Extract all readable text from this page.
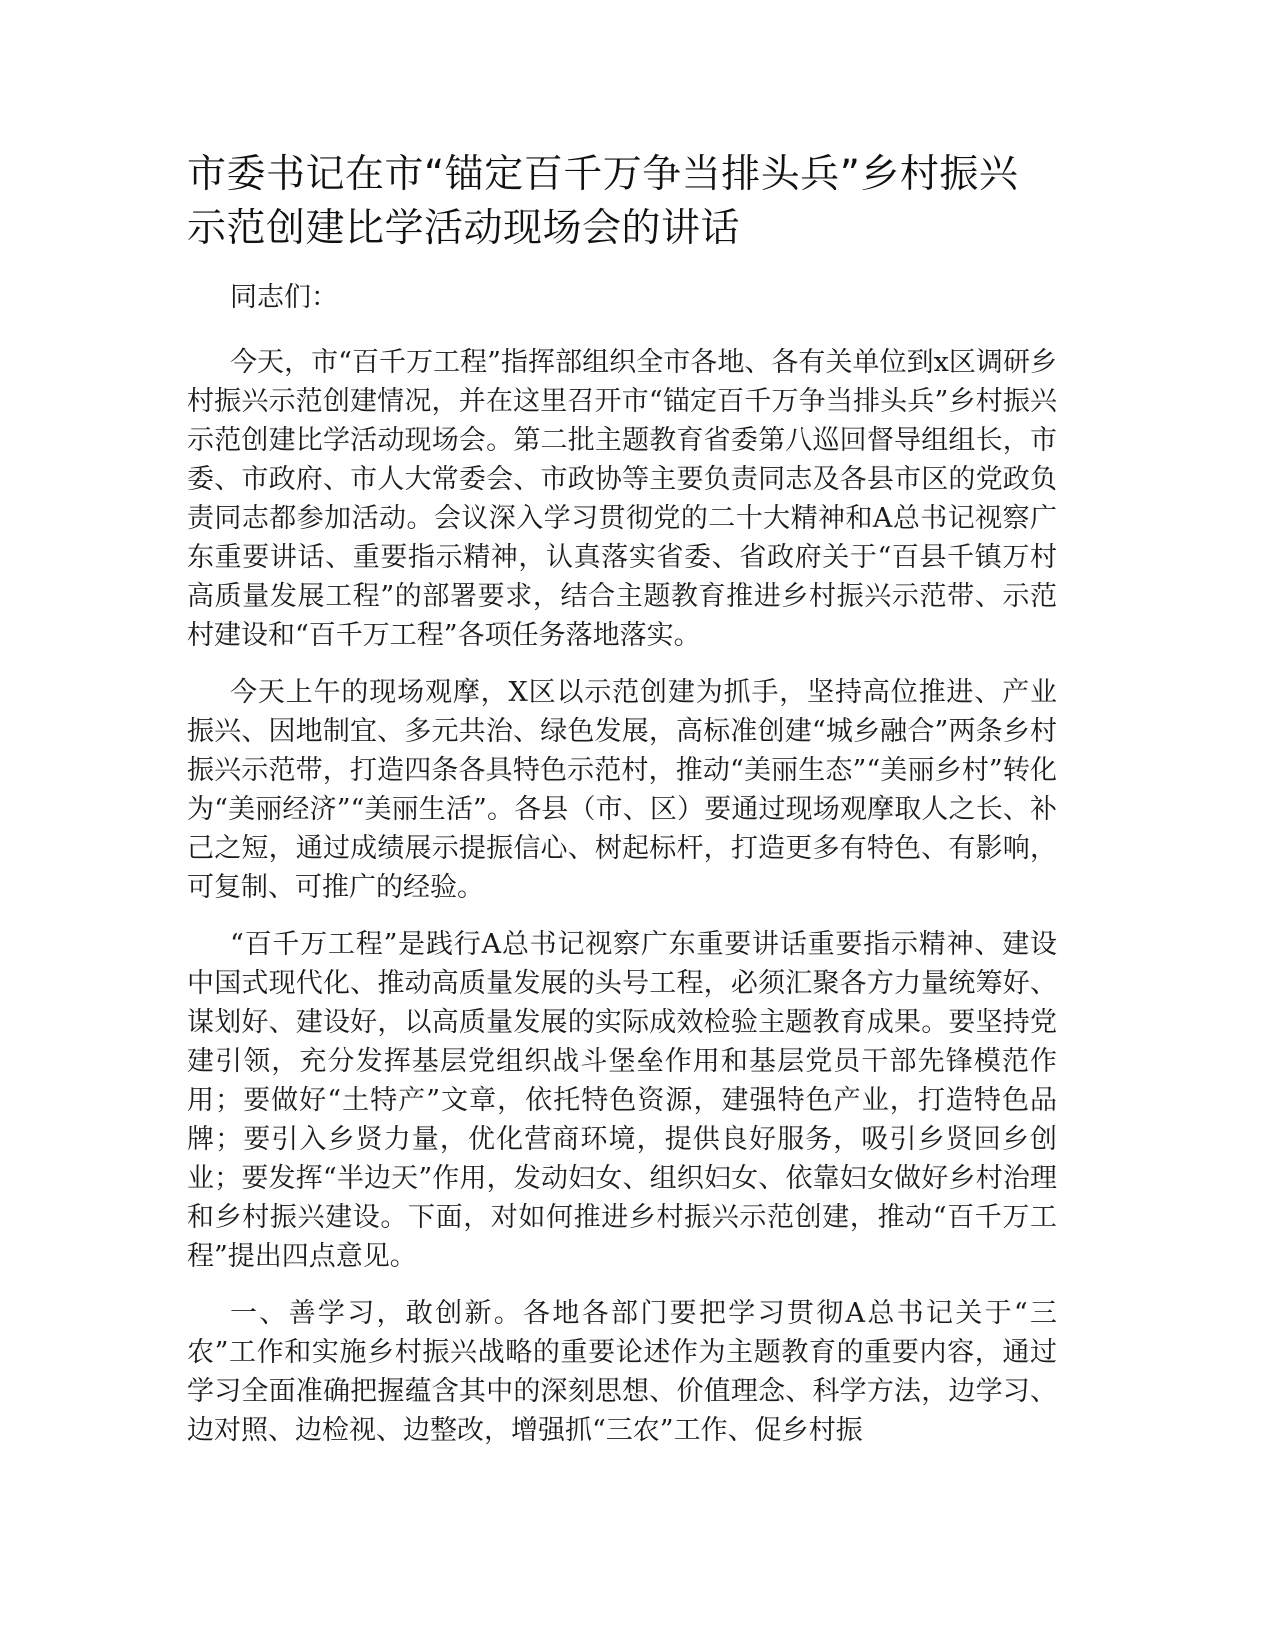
市委书记在市“锚定百千万争当排头兵”乡村振兴示范创建比学活动现场会的讲话

同志们：

今天，市“百千万工程”指挥部组织全市各地、各有关单位到x区调研乡村振兴示范创建情况，并在这里召开市“锚定百千万争当排头兵”乡村振兴示范创建比学活动现场会。第二批主题教育省委第八巡回督导组组长，市委、市政府、市人大常委会、市政协等主要负责同志及各县市区的党政负责同志都参加活动。会议深入学习贯彻党的二十大精神和A总书记视察广东重要讲话、重要指示精神，认真落实省委、省政府关于“百县千镇万村高质量发展工程”的部署要求，结合主题教育推进乡村振兴示范带、示范村建设和“百千万工程”各项任务落地落实。

今天上午的现场观摩，X区以示范创建为抓手，坚持高位推进、产业振兴、因地制宜、多元共治、绿色发展，高标准创建“城乡融合”两条乡村振兴示范带，打造四条各具特色示范村，推动“美丽生态”“美丽乡村”转化为“美丽经济”“美丽生活”。各县（市、区）要通过现场观摩取人之长、补己之短，通过成绩展示提振信心、树起标杆，打造更多有特色、有影响，可复制、可推广的经验。

“百千万工程”是践行A总书记视察广东重要讲话重要指示精神、建设中国式现代化、推动高质量发展的头号工程，必须汇聚各方力量统筹好、谋划好、建设好，以高质量发展的实际成效检验主题教育成果。要坚持党建引领，充分发挥基层党组织战斗堡垒作用和基层党员干部先锋模范作用；要做好“土特产”文章，依托特色资源，建强特色产业，打造特色品牌；要引入乡贤力量，优化营商环境，提供良好服务，吸引乡贤回乡创业；要发挥“半边天”作用，发动妇女、组织妇女、依靠妇女做好乡村治理和乡村振兴建设。下面，对如何推进乡村振兴示范创建，推动“百千万工程”提出四点意见。

一、善学习，敢创新。各地各部门要把学习贯彻A总书记关于“三农”工作和实施乡村振兴战略的重要论述作为主题教育的重要内容，通过学习全面准确把握蕴含其中的深刻思想、价值理念、科学方法，边学习、边对照、边检视、边整改，增强抓“三农”工作、促乡村振
